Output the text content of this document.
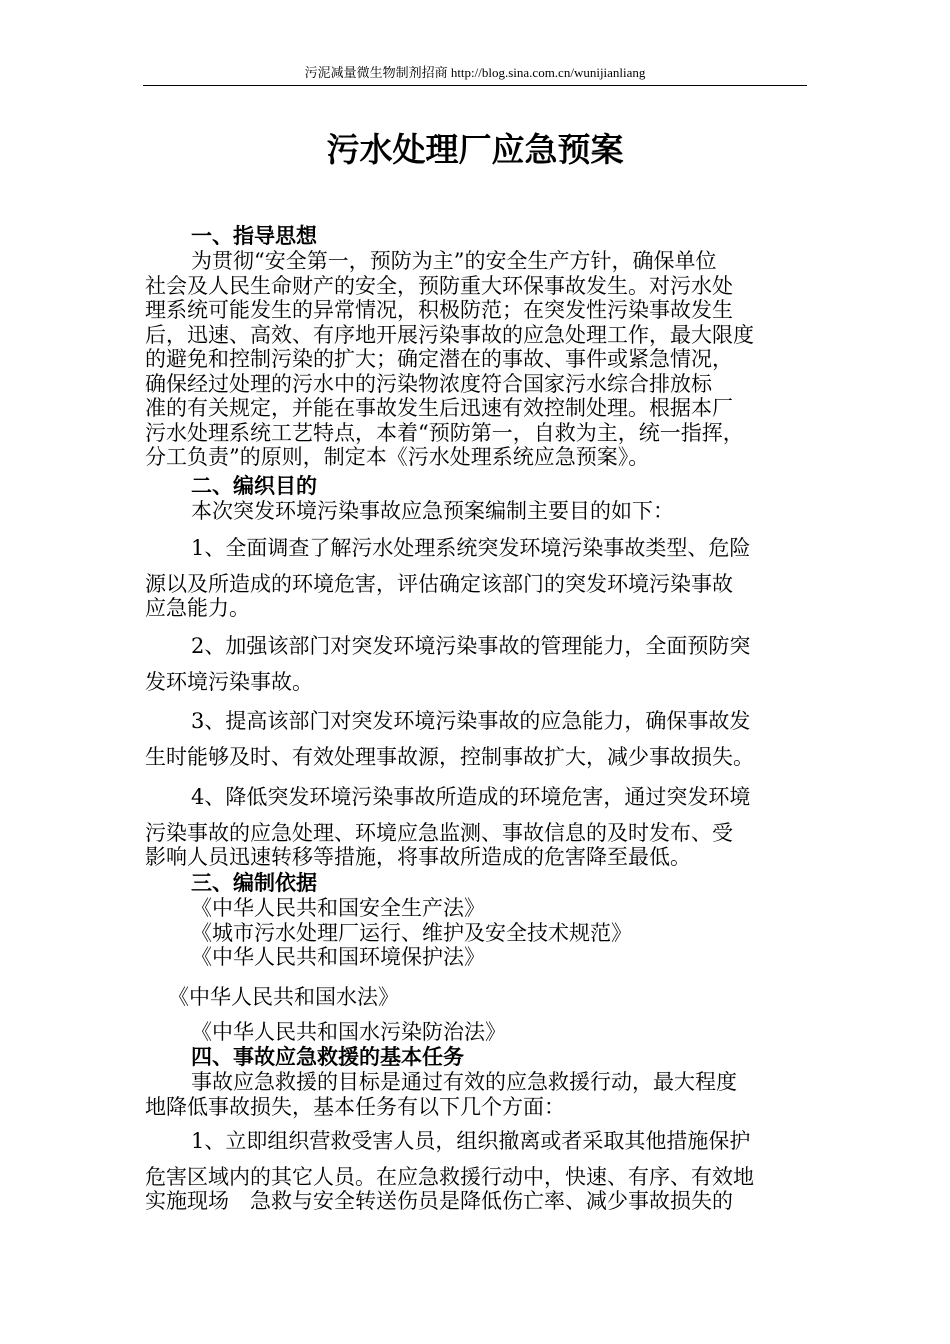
污泥减量微生物制剂招商 http://blog.sina.com.cn/wunijianliang
污水处理厂应急预案
一、指导思想
为贯彻“安全第一，预防为主”的安全生产方针，确保单位
社会及人民生命财产的安全，预防重大环保事故发生。对污水处
理系统可能发生的异常情况，积极防范；在突发性污染事故发生
后，迅速、高效、有序地开展污染事故的应急处理工作，最大限度
的避免和控制污染的扩大；确定潜在的事故、事件或紧急情况，
确保经过处理的污水中的污染物浓度符合国家污水综合排放标
准的有关规定，并能在事故发生后迅速有效控制处理。根据本厂
污水处理系统工艺特点，本着“预防第一，自救为主，统一指挥，
分工负责”的原则，制定本《污水处理系统应急预案》。
二、编织目的
本次突发环境污染事故应急预案编制主要目的如下：
1、全面调查了解污水处理系统突发环境污染事故类型、危险
源以及所造成的环境危害，评估确定该部门的突发环境污染事故
应急能力。
2、加强该部门对突发环境污染事故的管理能力，全面预防突
发环境污染事故。
3、提高该部门对突发环境污染事故的应急能力，确保事故发
生时能够及时、有效处理事故源，控制事故扩大，减少事故损失。
4、降低突发环境污染事故所造成的环境危害，通过突发环境
污染事故的应急处理、环境应急监测、事故信息的及时发布、受
影响人员迅速转移等措施，将事故所造成的危害降至最低。
三、编制依据
《中华人民共和国安全生产法》
《城市污水处理厂运行、维护及安全技术规范》
《中华人民共和国环境保护法》
《中华人民共和国水法》
《中华人民共和国水污染防治法》
四、事故应急救援的基本任务
事故应急救援的目标是通过有效的应急救援行动，最大程度
地降低事故损失，基本任务有以下几个方面：
1、立即组织营救受害人员，组织撤离或者采取其他措施保护
危害区域内的其它人员。在应急救援行动中，快速、有序、有效地
实施现场　急救与安全转送伤员是降低伤亡率、减少事故损失的
